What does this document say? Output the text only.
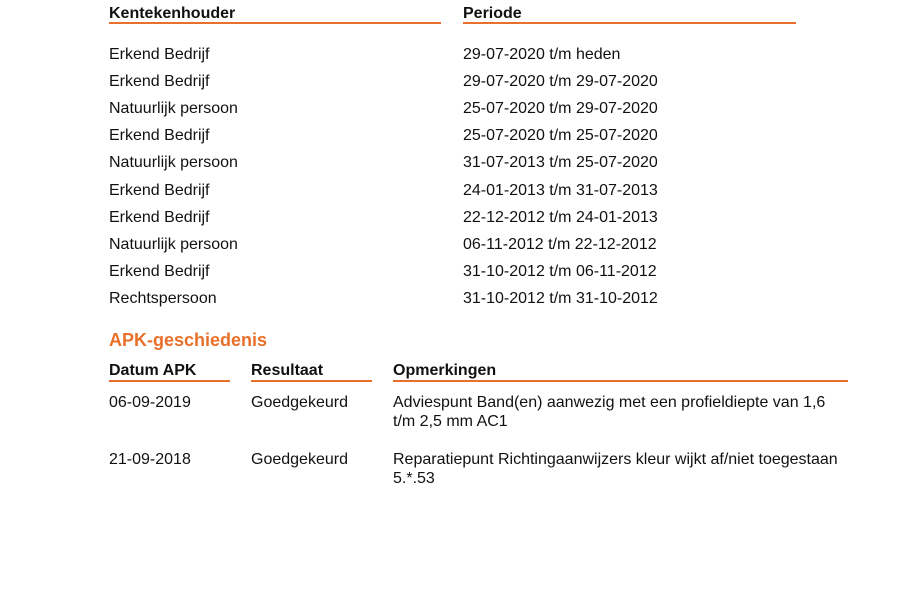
Kentekenhouder	Periode
Erkend Bedrijf	29-07-2020 t/m heden
Erkend Bedrijf	29-07-2020 t/m 29-07-2020
Natuurlijk persoon	25-07-2020 t/m 29-07-2020
Erkend Bedrijf	25-07-2020 t/m 25-07-2020
Natuurlijk persoon	31-07-2013 t/m 25-07-2020
Erkend Bedrijf	24-01-2013 t/m 31-07-2013
Erkend Bedrijf	22-12-2012 t/m 24-01-2013
Natuurlijk persoon	06-11-2012 t/m 22-12-2012
Erkend Bedrijf	31-10-2012 t/m 06-11-2012
Rechtspersoon	31-10-2012 t/m 31-10-2012
APK-geschiedenis
Datum APK	Resultaat	Opmerkingen
06-09-2019	Goedgekeurd	Adviespunt Band(en) aanwezig met een profieldiepte van 1,6 t/m 2,5 mm AC1
21-09-2018	Goedgekeurd	Reparatiepunt Richtingaanwijzers kleur wijkt af/niet toegestaan 5.*.53
